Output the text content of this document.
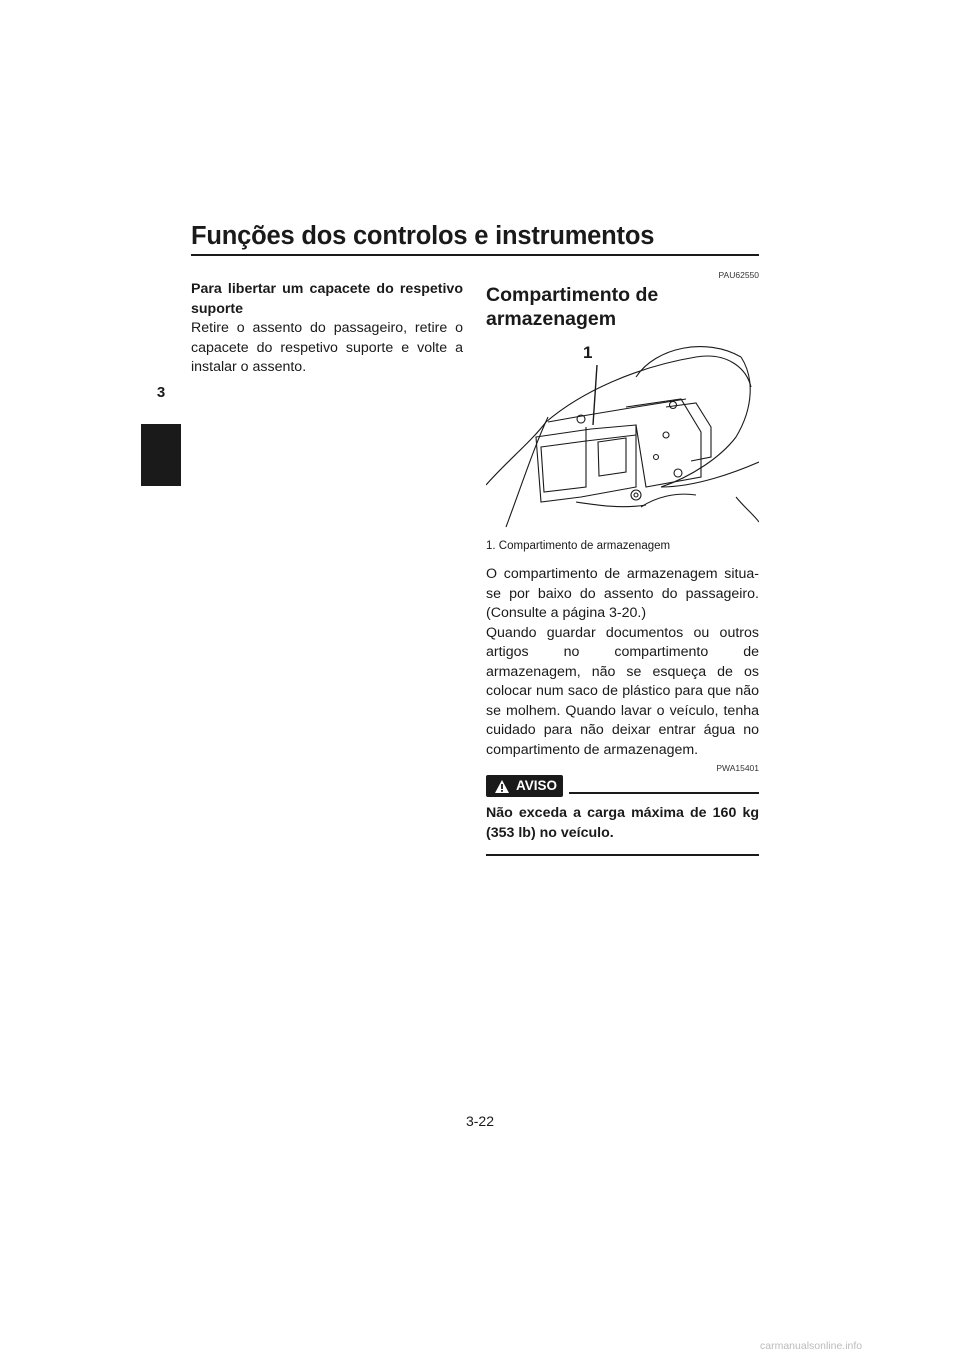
Funções dos controlos e instrumentos
3

Para libertar um capacete do respetivo suporte

Retire o assento do passageiro, retire o capacete do respetivo suporte e volte a instalar o assento.

PAU62550

Compartimento de armazenagem
1

1. Compartimento de armazenagem

O compartimento de armazenagem situa-se por baixo do assento do passageiro. (Consulte a página 3-20.)

Quando guardar documentos ou outros artigos no compartimento de armazenagem, não se esqueça de os colocar num saco de plástico para que não se molhem. Quando lavar o veículo, tenha cuidado para não deixar entrar água no compartimento de armazenagem.

PWA15401

AVISO

Não exceda a carga máxima de 160 kg (353 lb) no veículo.

3-22
carmanualsonline.info
